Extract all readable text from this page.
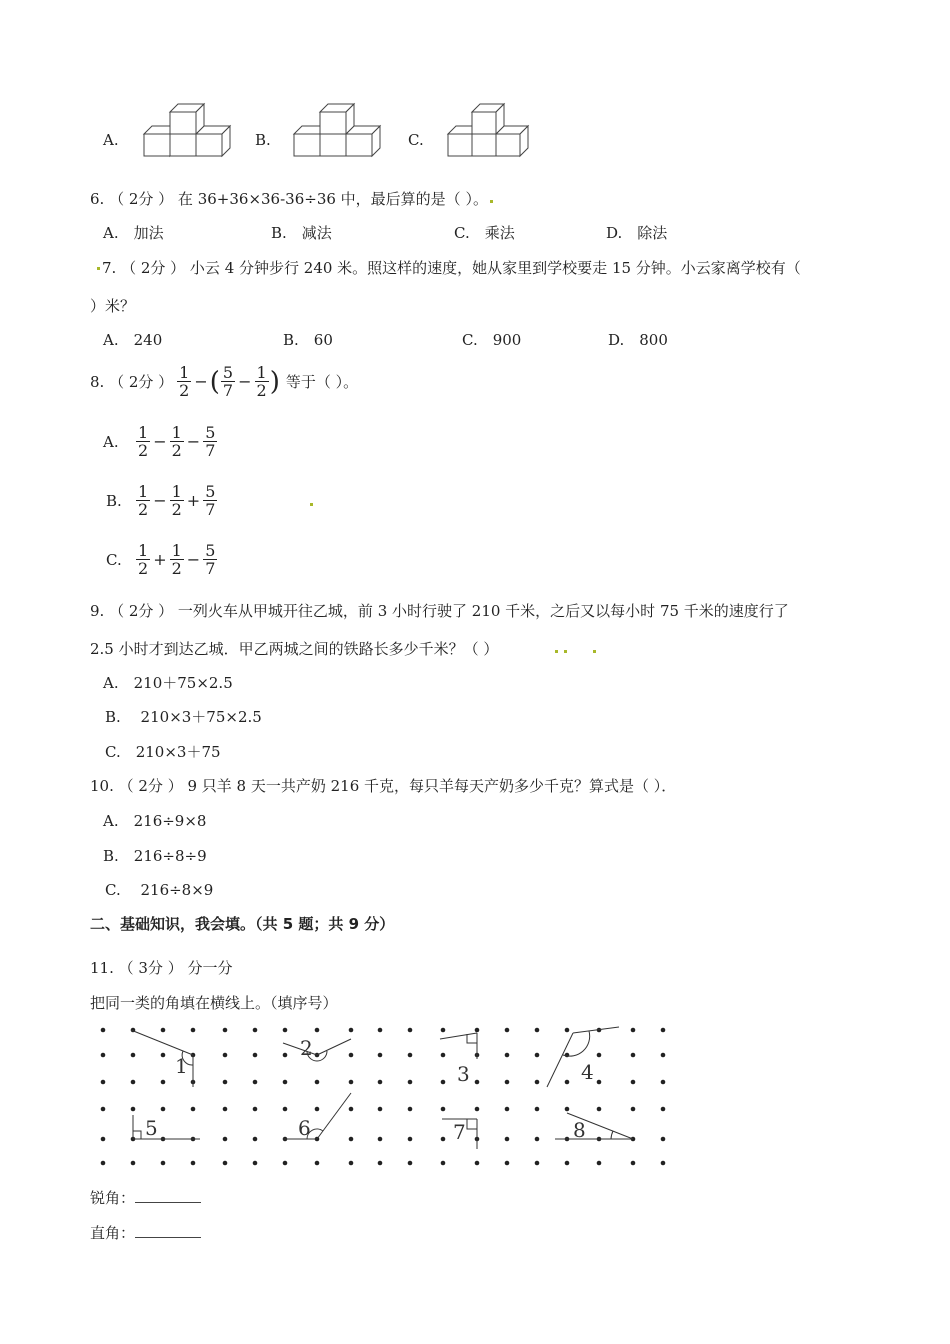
A.	B.	C.
6. （ 2分 ） 在 36+36×36-36÷36 中，最后算的是（ ）。
A.　加法	B.　减法	C.　乘法	D.　除法
7. （ 2分 ） 小云 4 分钟步行 240 米。照这样的速度，她从家里到学校要走 15 分钟。小云家离学校有（
）米？
A.　240	B.　60	C.　900	D.　800
8. （ 2分 ） $\frac{1}{2}$ − ( $\frac{5}{7} - \frac{1}{2}$ ) 等于（ ）。
A.	$\frac{1}{2} - \frac{1}{2} - \frac{5}{7}$
B. $\frac{1}{2} - \frac{1}{2} + \frac{5}{7}$
C. $\frac{1}{2} + \frac{1}{2} - \frac{5}{7}$
9. （ 2分 ） 一列火车从甲城开往乙城，前 3 小时行驶了 210 千米，之后又以每小时 75 千米的速度行了
2.5 小时才到达乙城．甲乙两城之间的铁路长多少千米？（ ）
A.　210＋75×2.5
B.　 210×3＋75×2.5
C.　210×3＋75
10. （ 2分 ） 9 只羊 8 天一共产奶 216 千克，每只羊每天产奶多少千克？算式是（ ）．
A.　216÷9×8
B.　216÷8÷9
C.　 216÷8×9
二、基础知识，我会填。（共 5 题；共 9 分）
11. （ 3分 ） 分一分
把同一类的角填在横线上。（填序号）
1
2
3	4
5	6	7	8
锐角：
直角：
